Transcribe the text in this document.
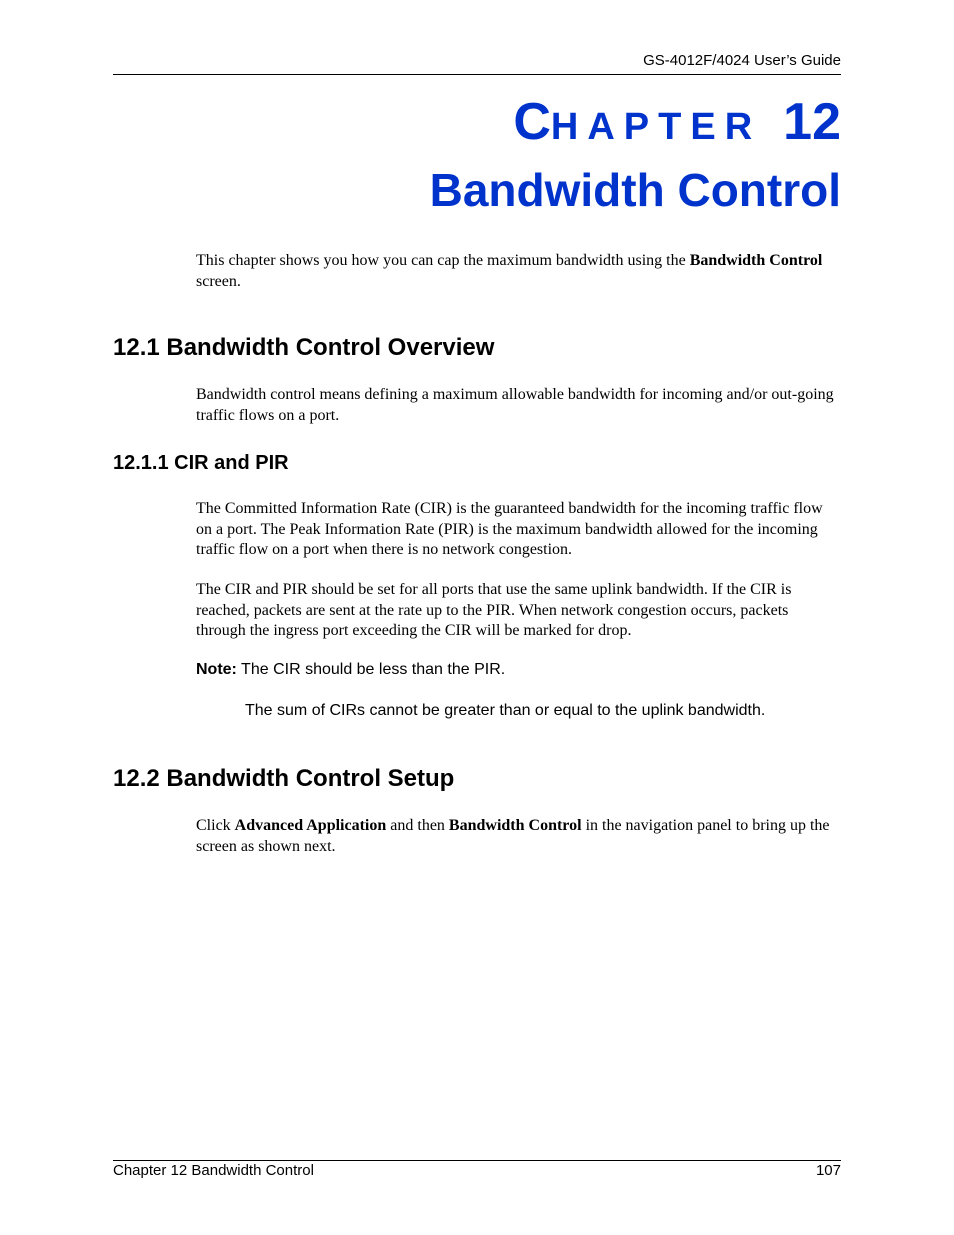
GS-4012F/4024 User’s Guide
CHAPTER 12
Bandwidth Control
This chapter shows you how you can cap the maximum bandwidth using the Bandwidth Control screen.
12.1 Bandwidth Control Overview
Bandwidth control means defining a maximum allowable bandwidth for incoming and/or out-going traffic flows on a port.
12.1.1 CIR and PIR
The Committed Information Rate (CIR) is the guaranteed bandwidth for the incoming traffic flow on a port. The Peak Information Rate (PIR) is the maximum bandwidth allowed for the incoming traffic flow on a port when there is no network congestion.
The CIR and PIR should be set for all ports that use the same uplink bandwidth. If the CIR is reached, packets are sent at the rate up to the PIR. When network congestion occurs, packets through the ingress port exceeding the CIR will be marked for drop.
Note: The CIR should be less than the PIR.
The sum of CIRs cannot be greater than or equal to the uplink bandwidth.
12.2 Bandwidth Control Setup
Click Advanced Application and then Bandwidth Control in the navigation panel to bring up the screen as shown next.
Chapter 12 Bandwidth Control	107
